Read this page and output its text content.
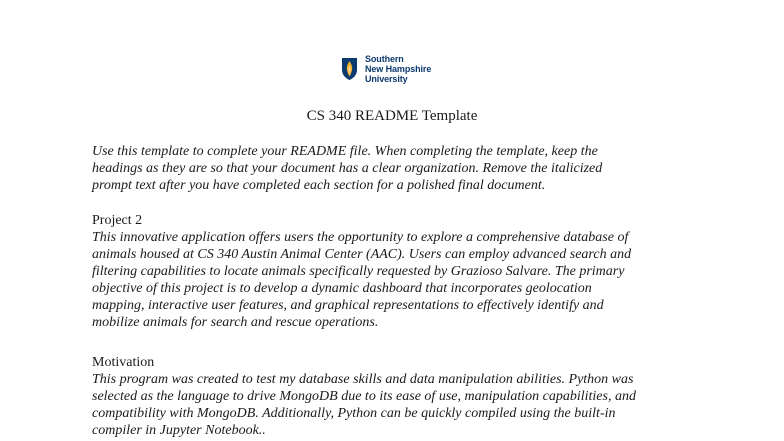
Southern
New Hampshire
University
CS 340 README Template
Use this template to complete your README file. When completing the template, keep the
headings as they are so that your document has a clear organization. Remove the italicized
prompt text after you have completed each section for a polished final document.
Project 2
This innovative application offers users the opportunity to explore a comprehensive database of
animals housed at CS 340 Austin Animal Center (AAC). Users can employ advanced search and
filtering capabilities to locate animals specifically requested by Grazioso Salvare. The primary
objective of this project is to develop a dynamic dashboard that incorporates geolocation
mapping, interactive user features, and graphical representations to effectively identify and
mobilize animals for search and rescue operations.
Motivation
This program was created to test my database skills and data manipulation abilities. Python was
selected as the language to drive MongoDB due to its ease of use, manipulation capabilities, and
compatibility with MongoDB. Additionally, Python can be quickly compiled using the built-in
compiler in Jupyter Notebook..
